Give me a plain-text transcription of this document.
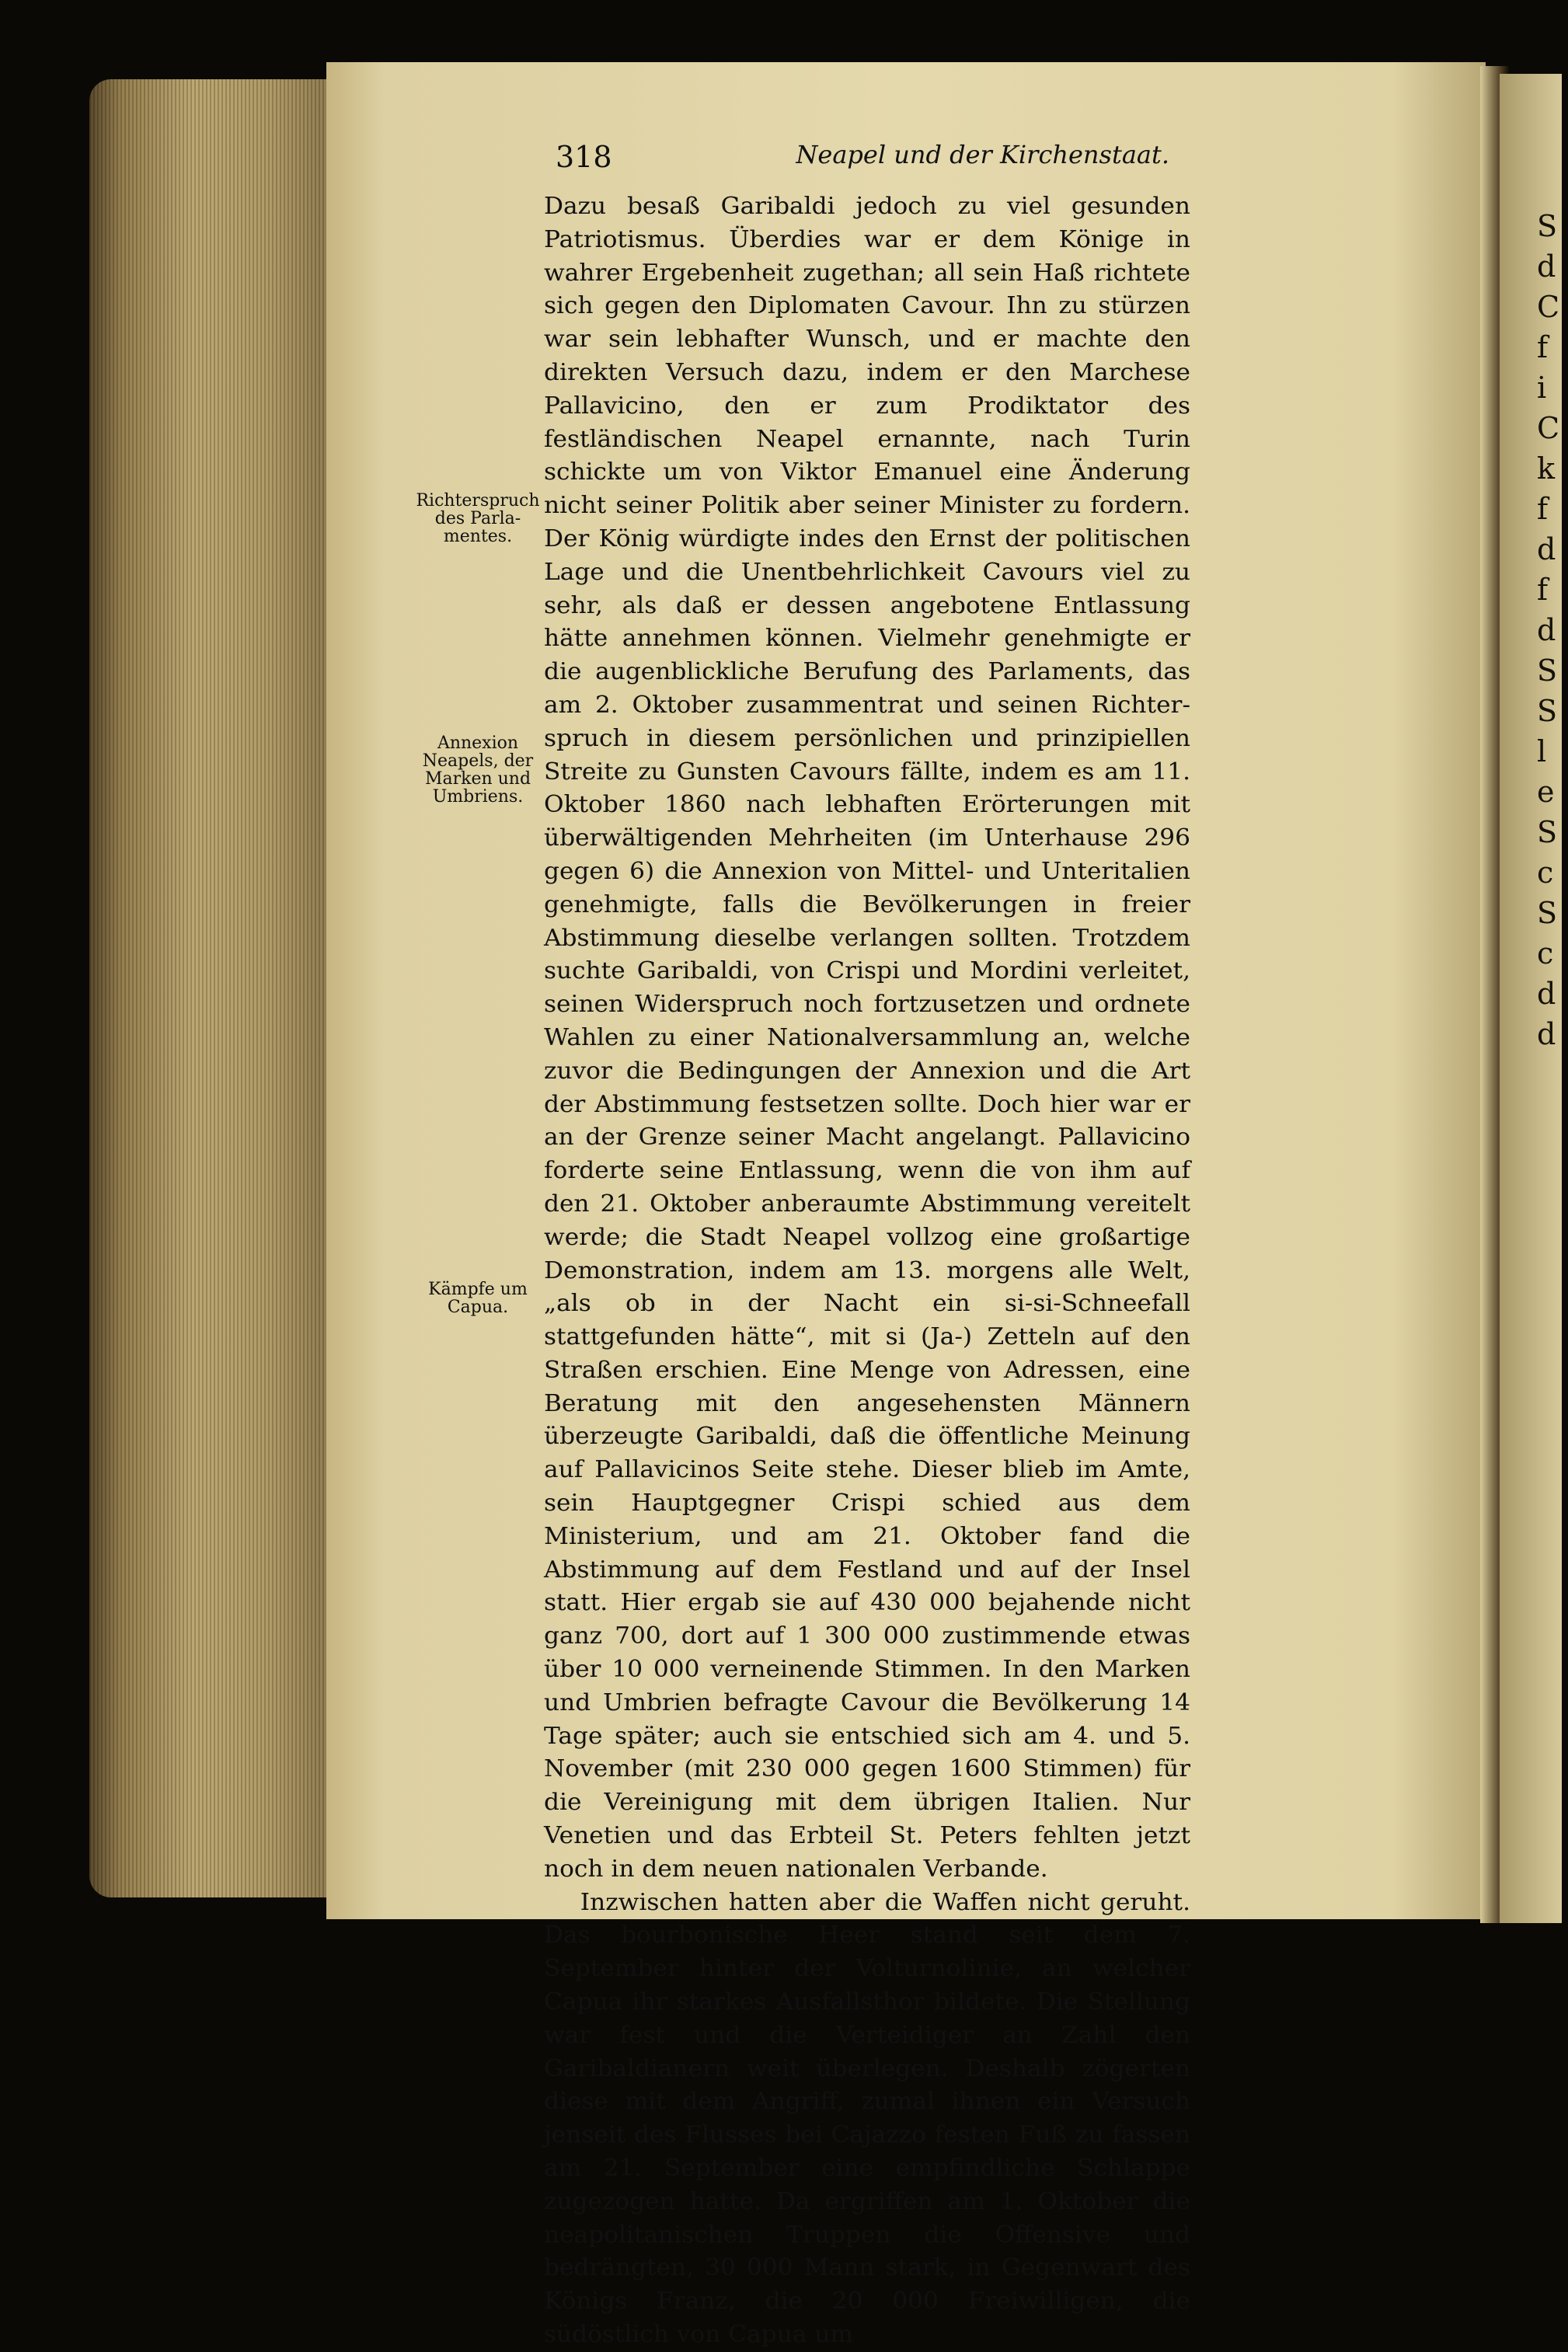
318	Neapel und der Kirchenstaat.
Richterspruch des Parla-
mentes.
Annexion Neapels, der Marken und Umbriens.
Kämpfe um Capua.

Dazu besaß Garibaldi jedoch zu viel gesunden Patriotismus. Überdies war er dem Könige in wahrer Ergebenheit zugethan; all sein Haß richtete sich gegen den Diplomaten Cavour. Ihn zu stürzen war sein lebhafter Wunsch, und er machte den direkten Versuch dazu, indem er den Marchese Pallavicino, den er zum Prodiktator des festländischen Neapel ernannte, nach Turin schickte um von Viktor Emanuel eine Änderung nicht seiner Politik aber seiner Minister zu fordern. Der König würdigte indes den Ernst der politischen Lage und die Unentbehrlichkeit Cavours viel zu sehr, als daß er dessen angebotene Entlassung hätte annehmen können. Vielmehr genehmigte er die augenblickliche Berufung des Parlaments, das am 2. Oktober zusammentrat und seinen Richterspruch in diesem persönlichen und prinzipiellen Streite zu Gunsten Cavours fällte, indem es am 11. Oktober 1860 nach lebhaften Erörterungen mit überwältigenden Mehrheiten (im Unterhause 296 gegen 6) die Annexion von Mittel- und Unteritalien genehmigte, falls die Bevölkerungen in freier Abstimmung dieselbe verlangen sollten. Trotzdem suchte Garibaldi, von Crispi und Mordini verleitet, seinen Widerspruch noch fortzusetzen und ordnete Wahlen zu einer Nationalversammlung an, welche zuvor die Bedingungen der Annexion und die Art der Abstimmung festsetzen sollte. Doch hier war er an der Grenze seiner Macht angelangt. Pallavicino forderte seine Entlassung, wenn die von ihm auf den 21. Oktober anberaumte Abstimmung vereitelt werde; die Stadt Neapel vollzog eine großartige Demonstration, indem am 13. morgens alle Welt, „als ob in der Nacht ein si-si-Schneefall stattgefunden hätte“, mit si (Ja-) Zetteln auf den Straßen erschien. Eine Menge von Adressen, eine Beratung mit den angesehensten Männern überzeugte Garibaldi, daß die öffentliche Meinung auf Pallavicinos Seite stehe. Dieser blieb im Amte, sein Hauptgegner Crispi schied aus dem Ministerium, und am 21. Oktober fand die Abstimmung auf dem Festland und auf der Insel statt. Hier ergab sie auf 430 000 bejahende nicht ganz 700, dort auf 1 300 000 zustimmende etwas über 10 000 verneinende Stimmen. In den Marken und Umbrien befragte Cavour die Bevölkerung 14 Tage später; auch sie entschied sich am 4. und 5. November (mit 230 000 gegen 1600 Stimmen) für die Vereinigung mit dem übrigen Italien. Nur Venetien und das Erbteil St. Peters fehlten jetzt noch in dem neuen nationalen Verbande.

Inzwischen hatten aber die Waffen nicht geruht. Das bourbonische Heer stand seit dem 7. September hinter der Volturnolinie, an welcher Capua ihr starkes Ausfallsthor bildete. Die Stellung war fest und die Verteidiger an Zahl den Garibaldianern weit überlegen. Deshalb zögerten diese mit dem Angriff, zumal ihnen ein Versuch jenseit des Flusses bei Cajazzo festen Fuß zu fassen am 21. September eine empfindliche Schlappe zugezogen hatte. Da ergriffen am 1. Oktober die neapolitanischen Truppen die Offensive und bedrängten, 30 000 Mann stark, in Gegenwart des Königs Franz, die 20 000 Freiwilligen, die südöstlich von Capua um

S
d
C
f
i
C
k
f
d
f
d
S
S
l
e
S
c
S
c
d
d
